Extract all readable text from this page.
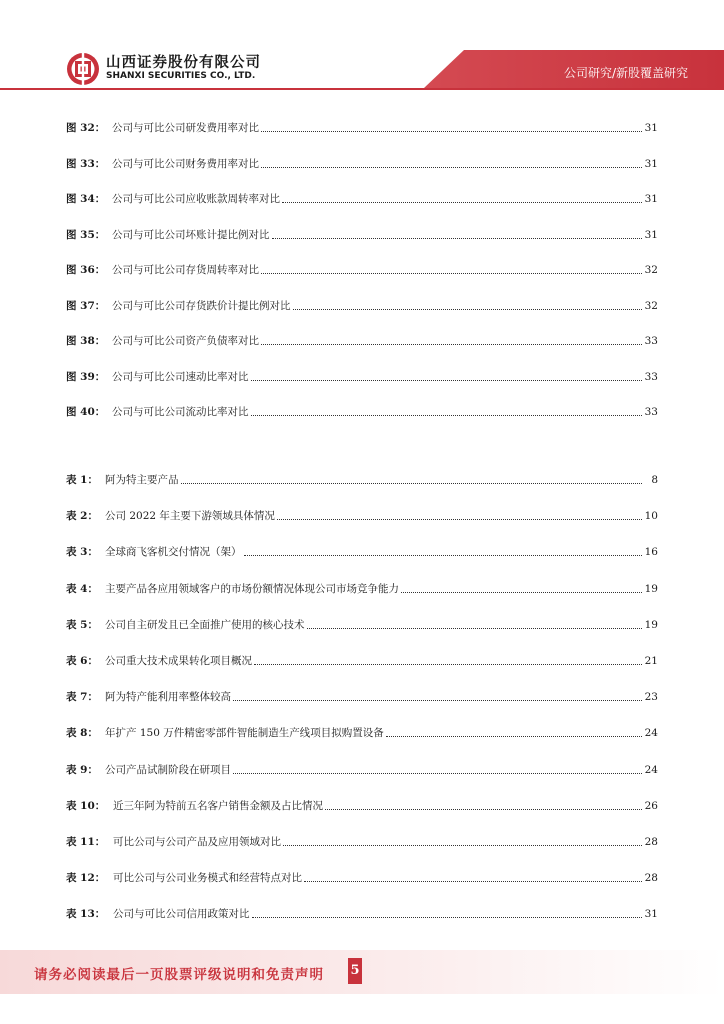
山西证券股份有限公司
SHANXI SECURITIES CO., LTD.	公司研究/新股覆盖研究
图 32： 公司与可比公司研发费用率对比	31
图 33： 公司与可比公司财务费用率对比	31
图 34： 公司与可比公司应收账款周转率对比	31
图 35： 公司与可比公司坏账计提比例对比	31
图 36： 公司与可比公司存货周转率对比	32
图 37： 公司与可比公司存货跌价计提比例对比	32
图 38： 公司与可比公司资产负债率对比	33
图 39： 公司与可比公司速动比率对比	33
图 40： 公司与可比公司流动比率对比	33
表 1： 阿为特主要产品	8
表 2： 公司 2022 年主要下游领域具体情况	10
表 3： 全球商飞客机交付情况（架）	16
表 4： 主要产品各应用领域客户的市场份额情况体现公司市场竞争能力	19
表 5： 公司自主研发且已全面推广使用的核心技术	19
表 6： 公司重大技术成果转化项目概况	21
表 7： 阿为特产能利用率整体较高	23
表 8： 年扩产 150 万件精密零部件智能制造生产线项目拟购置设备	24
表 9： 公司产品试制阶段在研项目	24
表 10： 近三年阿为特前五名客户销售金额及占比情况	26
表 11： 可比公司与公司产品及应用领域对比	28
表 12： 可比公司与公司业务模式和经营特点对比	28
表 13： 公司与可比公司信用政策对比	31
请务必阅读最后一页股票评级说明和免责声明 5
